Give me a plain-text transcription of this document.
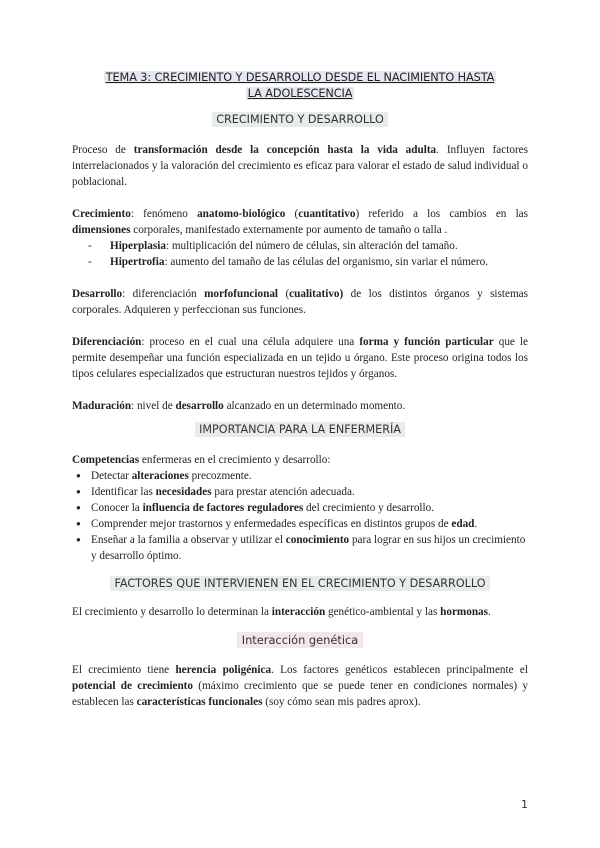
TEMA 3: CRECIMIENTO Y DESARROLLO DESDE EL NACIMIENTO HASTA
LA ADOLESCENCIA
CRECIMIENTO Y DESARROLLO

Proceso de transformación desde la concepción hasta la vida adulta. Influyen factores interrelacionados y la valoración del crecimiento es eficaz para valorar el estado de salud individual o poblacional.

Crecimiento: fenómeno anatomo-biológico (cuantitativo) referido a los cambios en las dimensiones corporales, manifestado externamente por aumento de tamaño o talla .

- Hiperplasia: multiplicación del número de células, sin alteración del tamaño.
- Hipertrofia: aumento del tamaño de las células del organismo, sin variar el número.

Desarrollo: diferenciación morfofuncional (cualitativo) de los distintos órganos y sistemas corporales. Adquieren y perfeccionan sus funciones.

Diferenciación: proceso en el cual una célula adquiere una forma y función particular que le permite desempeñar una función especializada en un tejido u órgano. Este proceso origina todos los tipos celulares especializados que estructuran nuestros tejidos y órganos.

Maduración: nivel de desarrollo alcanzado en un determinado momento.

IMPORTANCIA PARA LA ENFERMERÍA

Competencias enfermeras en el crecimiento y desarrollo:

● Detectar alteraciones precozmente.
● Identificar las necesidades para prestar atención adecuada.
● Conocer la influencia de factores reguladores del crecimiento y desarrollo.
● Comprender mejor trastornos y enfermedades específicas en distintos grupos de edad.
● Enseñar a la familia a observar y utilizar el conocimiento para lograr en sus hijos un crecimiento y desarrollo óptimo.
FACTORES QUE INTERVIENEN EN EL CRECIMIENTO Y DESARROLLO

El crecimiento y desarrollo lo determinan la interacción genético-ambiental y las hormonas.

Interacción genética

El crecimiento tiene herencia poligénica. Los factores genéticos establecen principalmente el potencial de crecimiento (máximo crecimiento que se puede tener en condiciones normales) y establecen las características funcionales (soy cómo sean mis padres aprox).

1
